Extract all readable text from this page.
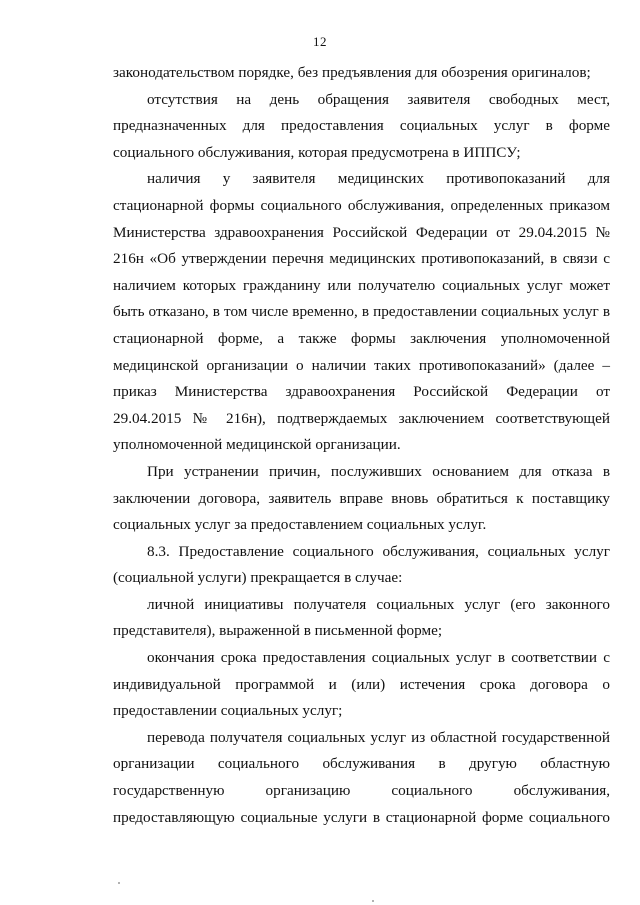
12

законодательством порядке, без предъявления для обозрения оригиналов;

отсутствия на день обращения заявителя свободных мест, предназначенных для предоставления социальных услуг в форме социального обслуживания, которая предусмотрена в ИППСУ;

наличия у заявителя медицинских противопоказаний для стационарной формы социального обслуживания, определенных приказом Министерства здравоохранения Российской Федерации от 29.04.2015 № 216н «Об утверждении перечня медицинских противопоказаний, в связи с наличием которых гражданину или получателю социальных услуг может быть отказано, в том числе временно, в предоставлении социальных услуг в стационарной форме, а также формы заключения уполномоченной медицинской организации о наличии таких противопоказаний» (далее – приказ Министерства здравоохранения Российской Федерации от 29.04.2015 № 216н), подтверждаемых заключением соответствующей уполномоченной медицинской организации.

При устранении причин, послуживших основанием для отказа в заключении договора, заявитель вправе вновь обратиться к поставщику социальных услуг за предоставлением социальных услуг.

8.3. Предоставление социального обслуживания, социальных услуг (социальной услуги) прекращается в случае:

личной инициативы получателя социальных услуг (его законного представителя), выраженной в письменной форме;

окончания срока предоставления социальных услуг в соответствии с индивидуальной программой и (или) истечения срока договора о предоставлении социальных услуг;

перевода получателя социальных услуг из областной государственной организации социального обслуживания в другую областную государственную организацию социального обслуживания, предоставляющую социальные услуги в стационарной форме социального
